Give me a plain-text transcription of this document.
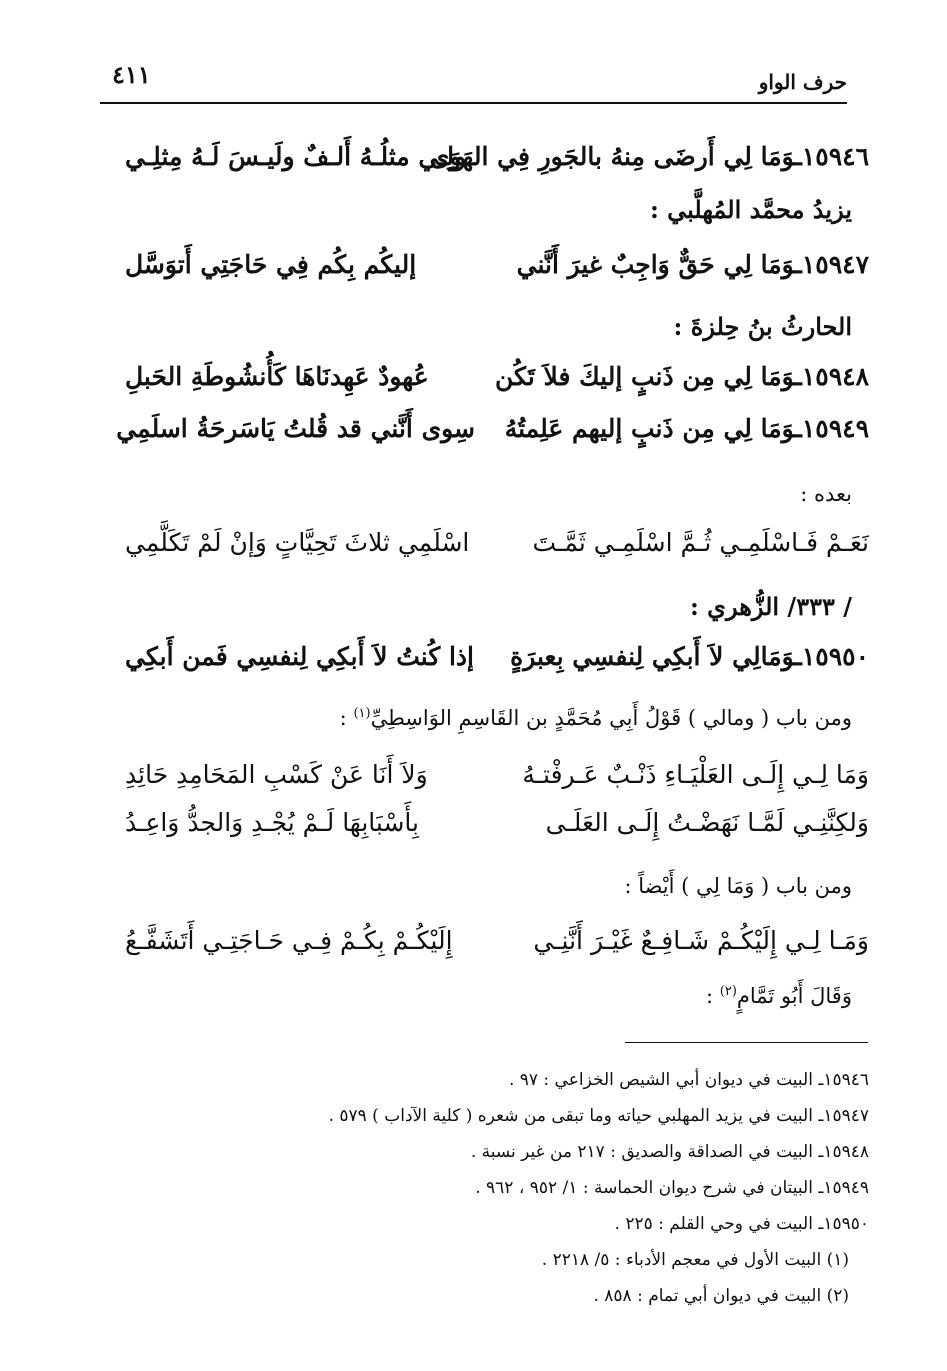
حرف الواو
٤١١
١٥٩٤٦ـوَمَا لِي أَرضَى مِنهُ بالجَورِ فِي الهَوَى
ولِـي مثلُـهُ أَلـفٌ ولَيـسَ لَـهُ مِثلِـي
يزيدُ محمَّد المُهلَّبي :
١٥٩٤٧ـوَمَا لِي حَقٌّ وَاجِبٌ غيرَ أَنَّني
إليكُم بِكُم فِي حَاجَتِي أَتوَسَّل
الحارثُ بنُ حِلزةَ :
١٥٩٤٨ـوَمَا لِي مِن ذَنبٍ إليكَ فلاَ تَكُن
عُهودٌ عَهِدنَاهَا كَأُنشُوطَةِ الحَبلِ
١٥٩٤٩ـوَمَا لِي مِن ذَنبٍ إليهم عَلِمتُهُ
سِوى أَنَّني قد قُلتُ يَاسَرحَةُ اسلَمِي
بعده :
نَعَـمْ فَـاسْلَمِـي ثُـمَّ اسْلَمِـي ثَمَّـتَ
اسْلَمِي ثلاثَ تَحِيَّاتٍ وَإنْ لَمْ تَكَلَّمِي
/ ٣٣٣/ الزُّهري :
١٥٩٥٠ـوَمَالِي لاَ أَبكِي لِنفسِي بِعبرَةٍ
إذا كُنتُ لاَ أَبكِي لِنفسِي فَمن أَبكِي
ومن باب ( ومالي ) قَوْلُ أَبِي مُحَمَّدٍ بن القَاسِمِ الوَاسِطِيِّ$^{(١)}$ :
وَمَا لِـي إِلَـى العَلْيَـاءِ ذَنْـبٌ عَـرفْتـهُ
وَلاَ أَنَا عَنْ كَسْبِ المَحَامِدِ حَائِدِ
وَلكِنَّنِـي لَمَّـا نَهَضْـتُ إِلَـى العَلَـى
بِأَسْبَابِهَا لَـمْ يُجْـدِ وَالجدُّ وَاعِـدُ
ومن باب ( وَمَا لِي ) أَيْضاً :
وَمَـا لِـي إِلَيْكُـمْ شَـافِـعٌ غَيْـرَ أَنَّنِـي
إِلَيْكُـمْ بِكُـمْ فِـي حَـاجَتِـي أَتَشَفَّـعُ
وَقَالَ أَبُو تَمَّامٍ$^{(٢)}$ :
١٥٩٤٦ـ البيت في ديوان أبي الشيص الخزاعي : ٩٧ .
١٥٩٤٧ـ البيت في يزيد المهلبي حياته وما تبقى من شعره ( كلية الآداب ) ٥٧٩ .
١٥٩٤٨ـ البيت في الصداقة والصديق : ٢١٧ من غير نسبة .
١٥٩٤٩ـ البيتان في شرح ديوان الحماسة : ١/ ٩٥٢ ، ٩٦٢ .
١٥٩٥٠ـ البيت في وحي القلم : ٢٢٥ .
(١) البيت الأول في معجم الأدباء : ٥/ ٢٢١٨ .
(٢) البيت في ديوان أبي تمام : ٨٥٨ .
